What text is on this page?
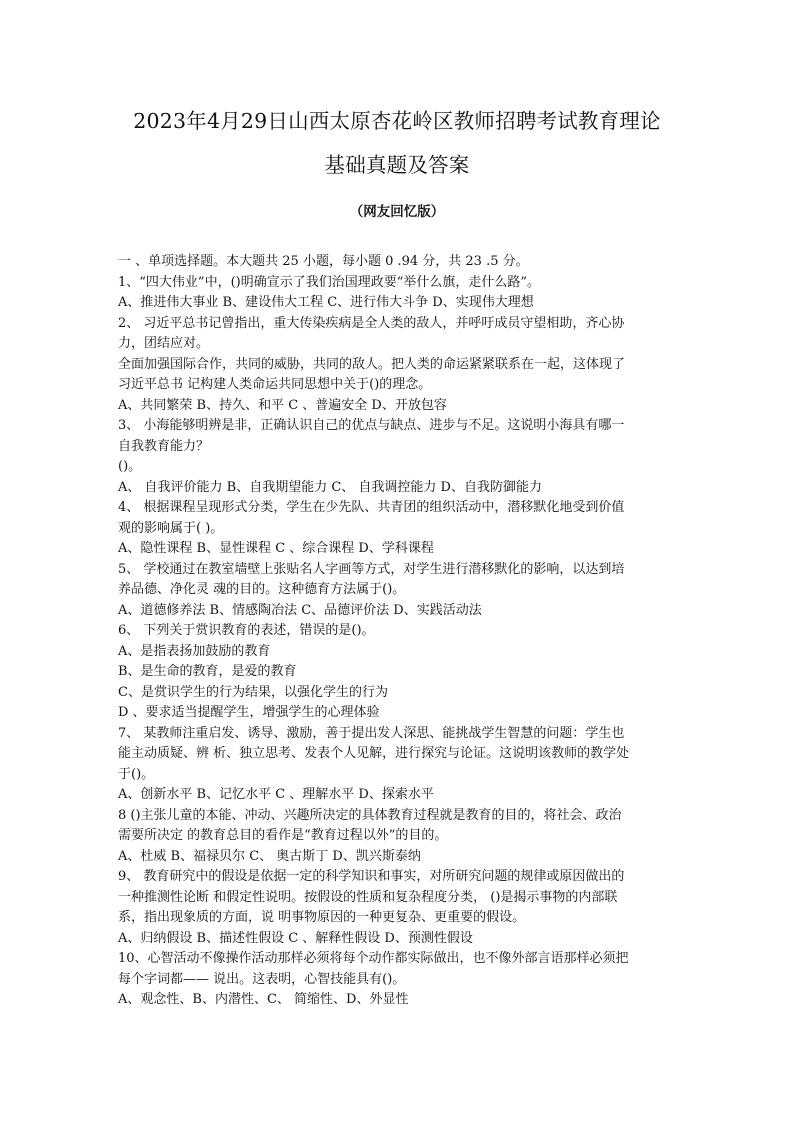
2023年4月29日山西太原杏花岭区教师招聘考试教育理论
基础真题及答案
（网友回忆版）
一 、单项选择题。本大题共 25 小题，每小题 0 .94 分，共 23 .5 分。
1、“四大伟业”中，()明确宣示了我们治国理政要“举什么旗，走什么路”。
A、推进伟大事业 B、建设伟大工程 C、进行伟大斗争 D、实现伟大理想
2、 习近平总书记曾指出，重大传染疾病是全人类的敌人，并呼吁成员守望相助，齐心协
力，团结应对。
全面加强国际合作，共同的威胁，共同的敌人。把人类的命运紧紧联系在一起，这体现了
习近平总书 记构建人类命运共同思想中关于()的理念。
A、共同繁荣 B、持久、和平 C 、普遍安全 D、开放包容
3、 小海能够明辨是非，正确认识自己的优点与缺点、进步与不足。这说明小海具有哪一
自我教育能力？
()。
A、 自我评价能力 B、自我期望能力 C、 自我调控能力 D、自我防御能力
4、 根据课程呈现形式分类，学生在少先队、共青团的组织活动中，潜移默化地受到价值
观的影响属于( )。
A、隐性课程 B、显性课程 C 、综合课程 D、学科课程
5、 学校通过在教室墙壁上张贴名人字画等方式，对学生进行潜移默化的影响，以达到培
养品德、净化灵 魂的目的。这种德育方法属于()。
A、道德修养法 B、情感陶冶法 C、品德评价法 D、实践活动法
6、 下列关于赏识教育的表述，错误的是()。
A、是指表扬加鼓励的教育
B、是生命的教育，是爱的教育
C、是赏识学生的行为结果，以强化学生的行为
D 、要求适当提醒学生，增强学生的心理体验
7、 某教师注重启发、诱导、激励，善于提出发人深思、能挑战学生智慧的问题：学生也
能主动质疑、辨 析、独立思考、发表个人见解，进行探究与论证。这说明该教师的教学处
于()。
A、创新水平 B、记忆水平 C 、理解水平 D、探索水平
8 ()主张儿童的本能、冲动、兴趣所决定的具体教育过程就是教育的目的，将社会、政治
需要所决定 的教育总目的看作是“教育过程以外”的目的。
A、杜威 B、福禄贝尔 C、 奥古斯丁 D、凯兴斯泰纳
9、 教育研究中的假设是依据一定的科学知识和事实，对所研究问题的规律或原因做出的
一种推测性论断 和假定性说明。按假设的性质和复杂程度分类， ()是揭示事物的内部联
系，指出现象质的方面，说 明事物原因的一种更复杂、更重要的假设。
A、归纳假设 B、描述性假设 C 、解释性假设 D、预测性假设
10、心智活动不像操作活动那样必须将每个动作都实际做出，也不像外部言语那样必须把
每个字词都—— 说出。这表明，心智技能具有()。
A、观念性、B、内潜性、C、 简缩性、D、外显性
